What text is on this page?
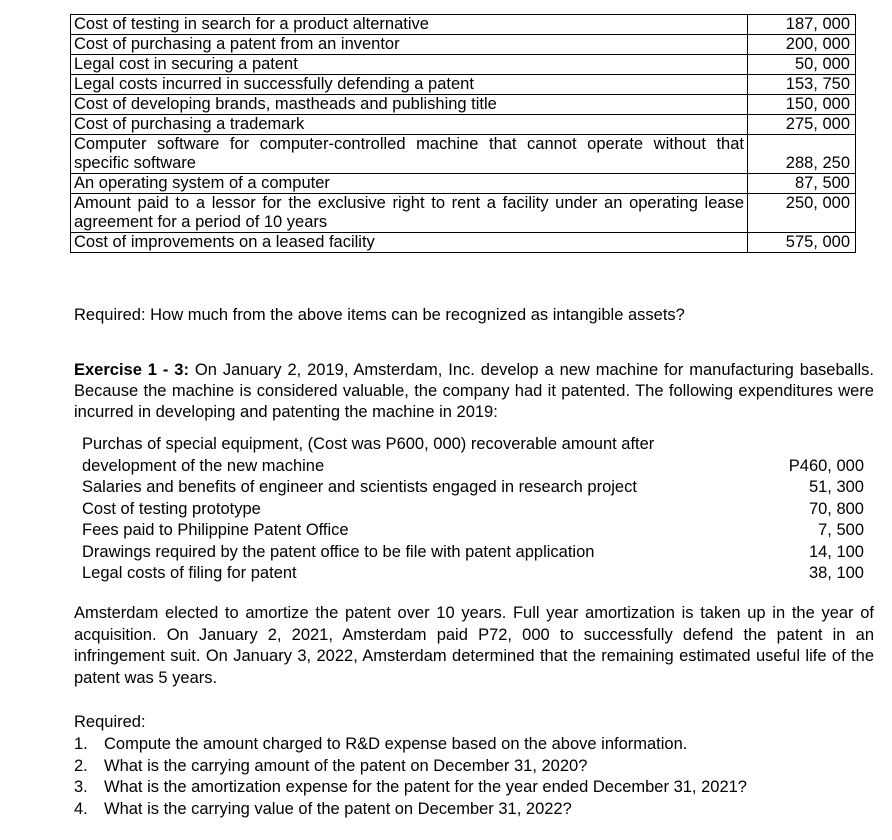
Cost of testing in search for a product alternative	187, 000
Cost of purchasing a patent from an inventor	200, 000
Legal cost in securing a patent	50, 000
Legal costs incurred in successfully defending a patent	153, 750
Cost of developing brands, mastheads and publishing title	150, 000
Cost of purchasing a trademark	275, 000
Computer software for computer-controlled machine that cannot operate without that specific software	288, 250
An operating system of a computer	87, 500
Amount paid to a lessor for the exclusive right to rent a facility under an operating lease agreement for a period of 10 years	250, 000
Cost of improvements on a leased facility	575, 000
Required: How much from the above items can be recognized as intangible assets?
Exercise 1 - 3: On January 2, 2019, Amsterdam, Inc. develop a new machine for manufacturing baseballs. Because the machine is considered valuable, the company had it patented. The following expenditures were incurred in developing and patenting the machine in 2019:
Purchas of special equipment, (Cost was P600, 000) recoverable amount after development of the new machine	P460, 000
Salaries and benefits of engineer and scientists engaged in research project	51, 300
Cost of testing prototype	70, 800
Fees paid to Philippine Patent Office	7, 500
Drawings required by the patent office to be file with patent application	14, 100
Legal costs of filing for patent	38, 100
Amsterdam elected to amortize the patent over 10 years. Full year amortization is taken up in the year of acquisition. On January 2, 2021, Amsterdam paid P72, 000 to successfully defend the patent in an infringement suit. On January 3, 2022, Amsterdam determined that the remaining estimated useful life of the patent was 5 years.
Required:
1. Compute the amount charged to R&D expense based on the above information.
2. What is the carrying amount of the patent on December 31, 2020?
3. What is the amortization expense for the patent for the year ended December 31, 2021?
4. What is the carrying value of the patent on December 31, 2022?
